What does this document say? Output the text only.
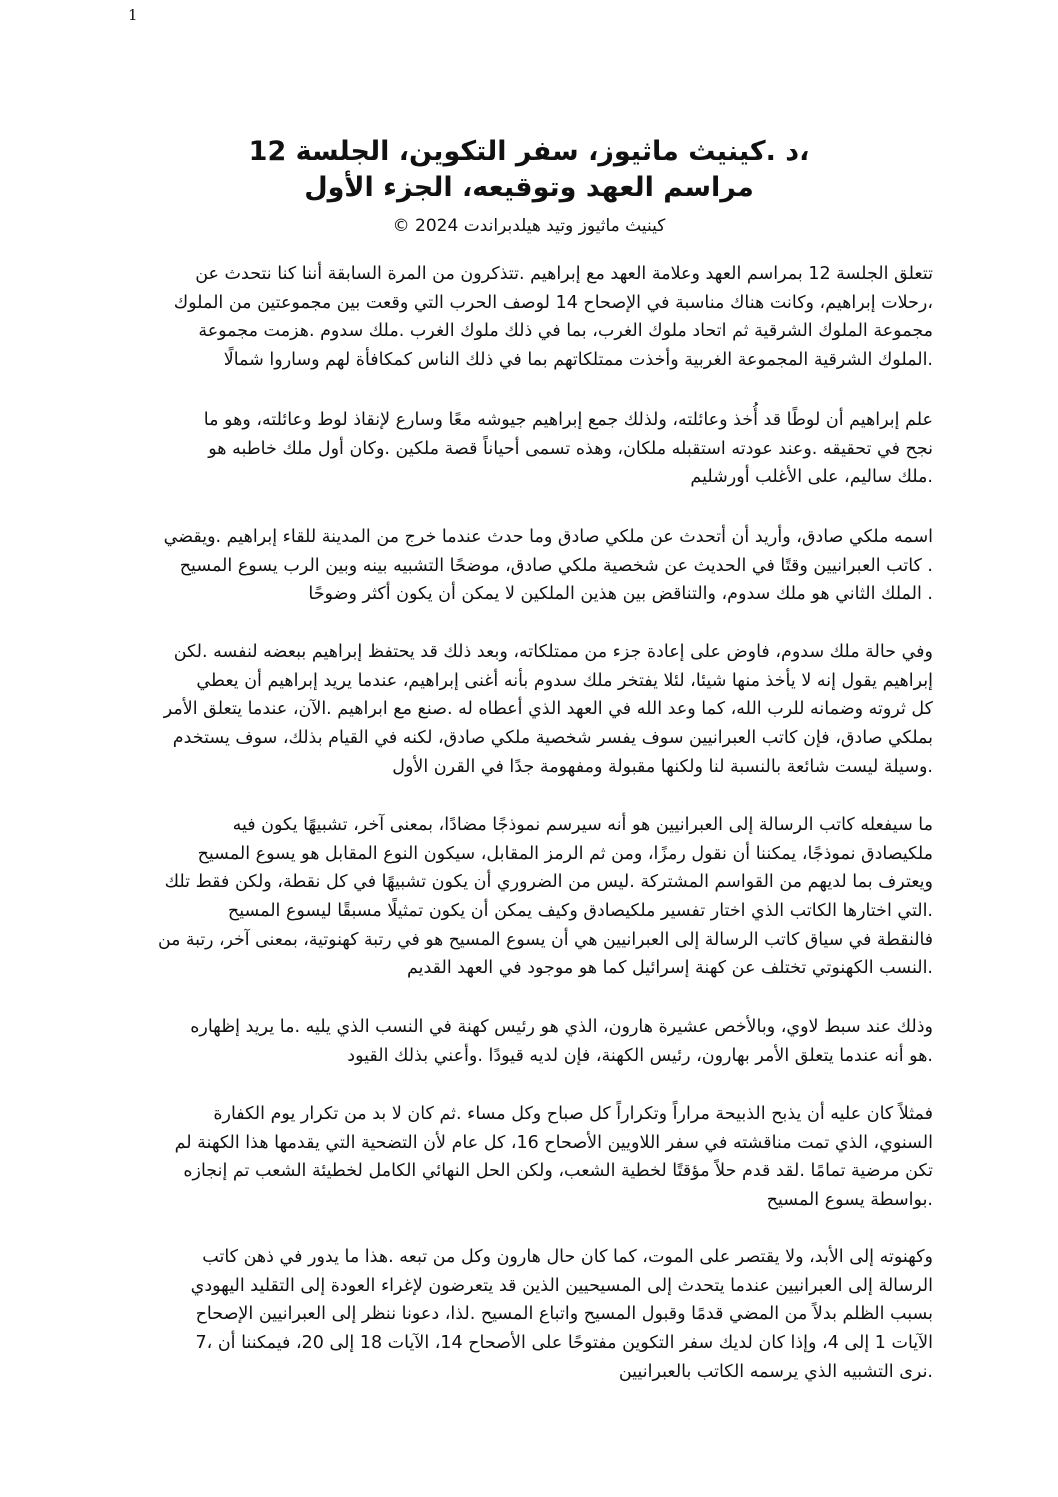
1
،د .كينيث ماثيوز، سفر التكوين، الجلسة 12
مراسم العهد وتوقيعه، الجزء الأول
كينيث ماثيوز وتيد هيلدبراندت 2024 ©
تتعلق الجلسة 12 بمراسم العهد وعلامة العهد مع إبراهيم .تتذكرون من المرة السابقة أننا كنا نتحدث عن
،رحلات إبراهيم، وكانت هناك مناسبة في الإصحاح 14 لوصف الحرب التي وقعت بين مجموعتين من الملوك
مجموعة الملوك الشرقية ثم اتحاد ملوك الغرب، بما في ذلك ملوك الغرب .ملك سدوم .هزمت مجموعة
.الملوك الشرقية المجموعة الغربية وأخذت ممتلكاتهم بما في ذلك الناس كمكافأة لهم وساروا شمالًا
علم إبراهيم أن لوطًا قد أُخذ وعائلته، ولذلك جمع إبراهيم جيوشه معًا وسارع لإنقاذ لوط وعائلته، وهو ما
نجح في تحقيقه .وعند عودته استقبله ملكان، وهذه تسمى أحياناً قصة ملكين .وكان أول ملك خاطبه هو
.ملك ساليم، على الأغلب أورشليم
اسمه ملكي صادق، وأريد أن أتحدث عن ملكي صادق وما حدث عندما خرج من المدينة للقاء إبراهيم .ويقضي
. كاتب العبرانيين وقتًا في الحديث عن شخصية ملكي صادق، موضحًا التشبيه بينه وبين الرب يسوع المسيح
. الملك الثاني هو ملك سدوم، والتناقض بين هذين الملكين لا يمكن أن يكون أكثر وضوحًا
وفي حالة ملك سدوم، فاوض على إعادة جزء من ممتلكاته، وبعد ذلك قد يحتفظ إبراهيم ببعضه لنفسه .لكن
إبراهيم يقول إنه لا يأخذ منها شيئا، لئلا يفتخر ملك سدوم بأنه أغنى إبراهيم، عندما يريد إبراهيم أن يعطي
كل ثروته وضمانه للرب الله، كما وعد الله في العهد الذي أعطاه له .صنع مع ابراهيم .الآن، عندما يتعلق الأمر
بملكي صادق، فإن كاتب العبرانيين سوف يفسر شخصية ملكي صادق، لكنه في القيام بذلك، سوف يستخدم
.وسيلة ليست شائعة بالنسبة لنا ولكنها مقبولة ومفهومة جدًا في القرن الأول
ما سيفعله كاتب الرسالة إلى العبرانيين هو أنه سيرسم نموذجًا مضادًا، بمعنى آخر، تشبيهًا يكون فيه
ملكيصادق نموذجًا، يمكننا أن نقول رمزًا، ومن ثم الرمز المقابل، سيكون النوع المقابل هو يسوع المسيح
ويعترف بما لديهم من القواسم المشتركة .ليس من الضروري أن يكون تشبيهًا في كل نقطة، ولكن فقط تلك
.التي اختارها الكاتب الذي اختار تفسير ملكيصادق وكيف يمكن أن يكون تمثيلًا مسبقًا ليسوع المسيح
فالنقطة في سياق كاتب الرسالة إلى العبرانيين هي أن يسوع المسيح هو في رتبة كهنوتية، بمعنى آخر، رتبة من
.النسب الكهنوتي تختلف عن كهنة إسرائيل كما هو موجود في العهد القديم
وذلك عند سبط لاوي، وبالأخص عشيرة هارون، الذي هو رئيس كهنة في النسب الذي يليه .ما يريد إظهاره
.هو أنه عندما يتعلق الأمر بهارون، رئيس الكهنة، فإن لديه قيودًا .وأعني بذلك القيود
فمثلاً كان عليه أن يذبح الذبيحة مراراً وتكراراً كل صباح وكل مساء .ثم كان لا بد من تكرار يوم الكفارة
السنوي، الذي تمت مناقشته في سفر اللاويين الأصحاح 16، كل عام لأن التضحية التي يقدمها هذا الكهنة لم
تكن مرضية تمامًا .لقد قدم حلاً مؤقتًا لخطية الشعب، ولكن الحل النهائي الكامل لخطيئة الشعب تم إنجازه
.بواسطة يسوع المسيح
وكهنوته إلى الأبد، ولا يقتصر على الموت، كما كان حال هارون وكل من تبعه .هذا ما يدور في ذهن كاتب
الرسالة إلى العبرانيين عندما يتحدث إلى المسيحيين الذين قد يتعرضون لإغراء العودة إلى التقليد اليهودي
بسبب الظلم بدلاً من المضي قدمًا وقبول المسيح واتباع المسيح .لذا، دعونا ننظر إلى العبرانيين الإصحاح
الآيات 1 إلى 4، وإذا كان لديك سفر التكوين مفتوحًا على الأصحاح 14، الآيات 18 إلى 20، فيمكننا أن ،7
.نرى التشبيه الذي يرسمه الكاتب بالعبرانيين
